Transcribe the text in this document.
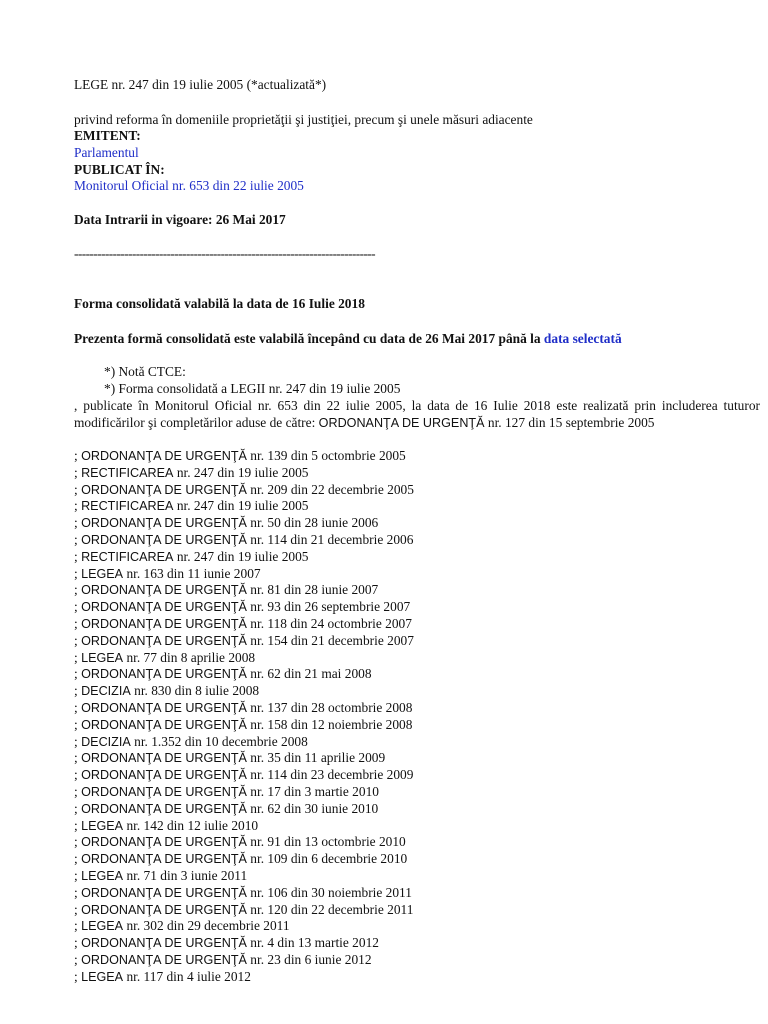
LEGE nr. 247 din 19 iulie 2005 (*actualizată*)
privind reforma în domeniile proprietăţii şi justiţiei, precum şi unele măsuri adiacente
EMITENT:
Parlamentul
PUBLICAT ÎN:
Monitorul Oficial nr. 653 din 22 iulie 2005
Data Intrarii in vigoare: 26 Mai 2017
------------------------------------------------------------------------------
Forma consolidată valabilă la data de 16 Iulie 2018
Prezenta formă consolidată este valabilă începând cu data de 26 Mai 2017 până la data selectată
*) Notă CTCE:
*) Forma consolidată a LEGII nr. 247 din 19 iulie 2005
, publicate în Monitorul Oficial nr. 653 din 22 iulie 2005, la data de 16 Iulie 2018 este realizată prin includerea tuturor modificărilor şi completărilor aduse de către: ORDONANŢA DE URGENŢĂ nr. 127 din 15 septembrie 2005
; ORDONANŢA DE URGENŢĂ nr. 139 din 5 octombrie 2005
; RECTIFICAREA nr. 247 din 19 iulie 2005
; ORDONANŢA DE URGENŢĂ nr. 209 din 22 decembrie 2005
; RECTIFICAREA nr. 247 din 19 iulie 2005
; ORDONANŢA DE URGENŢĂ nr. 50 din 28 iunie 2006
; ORDONANŢA DE URGENŢĂ nr. 114 din 21 decembrie 2006
; RECTIFICAREA nr. 247 din 19 iulie 2005
; LEGEA nr. 163 din 11 iunie 2007
; ORDONANŢA DE URGENŢĂ nr. 81 din 28 iunie 2007
; ORDONANŢA DE URGENŢĂ nr. 93 din 26 septembrie 2007
; ORDONANŢA DE URGENŢĂ nr. 118 din 24 octombrie 2007
; ORDONANŢA DE URGENŢĂ nr. 154 din 21 decembrie 2007
; LEGEA nr. 77 din 8 aprilie 2008
; ORDONANŢA DE URGENŢĂ nr. 62 din 21 mai 2008
; DECIZIA nr. 830 din 8 iulie 2008
; ORDONANŢA DE URGENŢĂ nr. 137 din 28 octombrie 2008
; ORDONANŢA DE URGENŢĂ nr. 158 din 12 noiembrie 2008
; DECIZIA nr. 1.352 din 10 decembrie 2008
; ORDONANŢA DE URGENŢĂ nr. 35 din 11 aprilie 2009
; ORDONANŢA DE URGENŢĂ nr. 114 din 23 decembrie 2009
; ORDONANŢA DE URGENŢĂ nr. 17 din 3 martie 2010
; ORDONANŢA DE URGENŢĂ nr. 62 din 30 iunie 2010
; LEGEA nr. 142 din 12 iulie 2010
; ORDONANŢA DE URGENŢĂ nr. 91 din 13 octombrie 2010
; ORDONANŢA DE URGENŢĂ nr. 109 din 6 decembrie 2010
; LEGEA nr. 71 din 3 iunie 2011
; ORDONANŢA DE URGENŢĂ nr. 106 din 30 noiembrie 2011
; ORDONANŢA DE URGENŢĂ nr. 120 din 22 decembrie 2011
; LEGEA nr. 302 din 29 decembrie 2011
; ORDONANŢA DE URGENŢĂ nr. 4 din 13 martie 2012
; ORDONANŢA DE URGENŢĂ nr. 23 din 6 iunie 2012
; LEGEA nr. 117 din 4 iulie 2012
